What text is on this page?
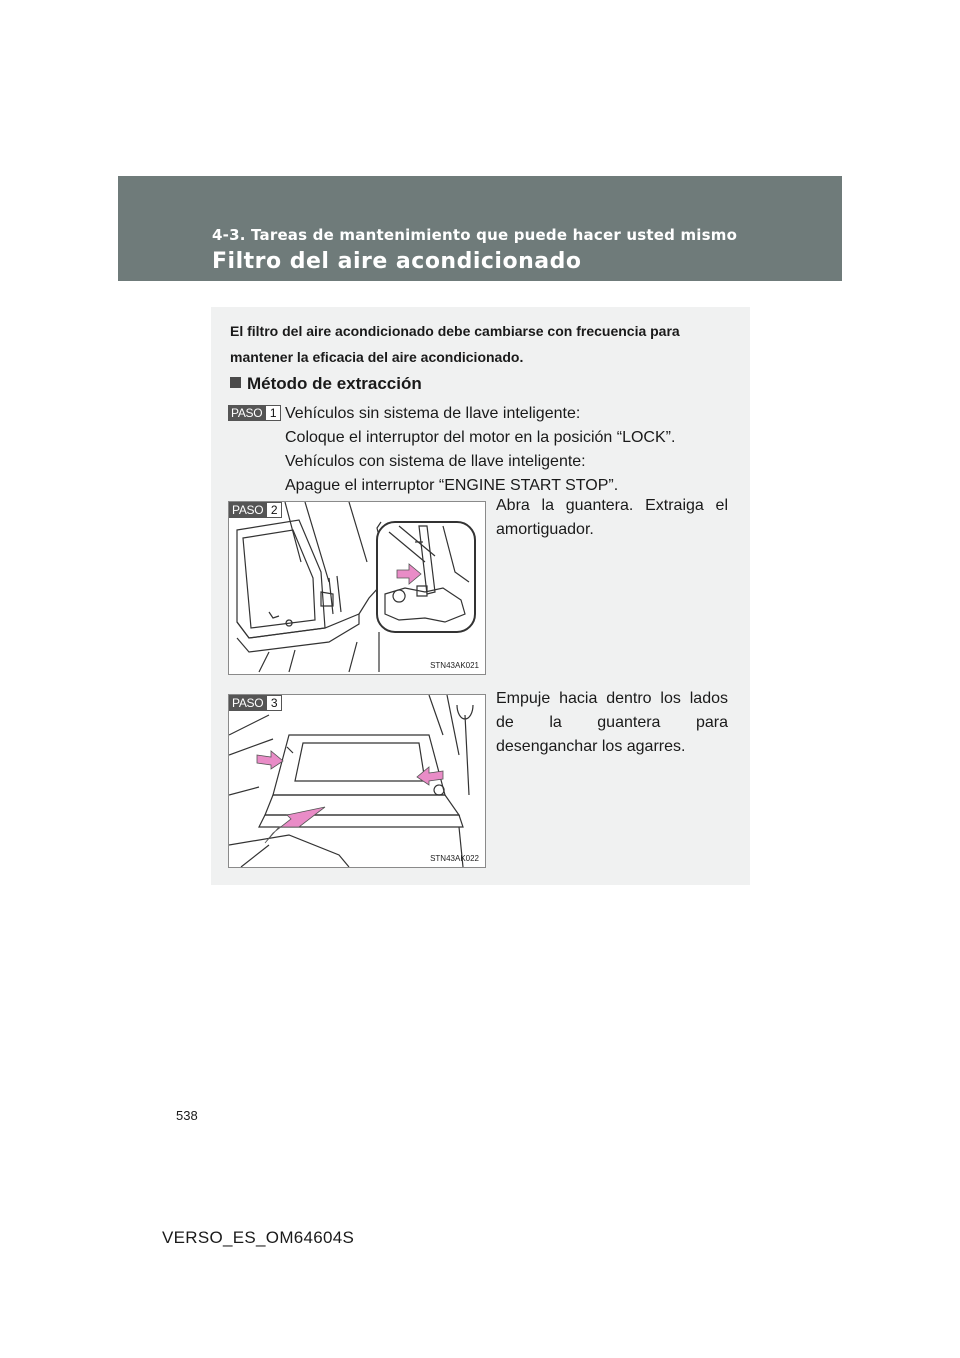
4-3. Tareas de mantenimiento que puede hacer usted mismo
Filtro del aire acondicionado
El filtro del aire acondicionado debe cambiarse con frecuencia para
mantener la eficacia del aire acondicionado.
Método de extracción
PASO 1 Vehículos sin sistema de llave inteligente:
Coloque el interruptor del motor en la posición “LOCK”.
Vehículos con sistema de llave inteligente:
Apague el interruptor “ENGINE START STOP”.
PASO 2
STN43AK021
Abra la guantera. Extraiga el amortiguador.
PASO 3
STN43AK022
Empuje hacia dentro los lados de la guantera para desenganchar los agarres.
538
VERSO_ES_OM64604S
